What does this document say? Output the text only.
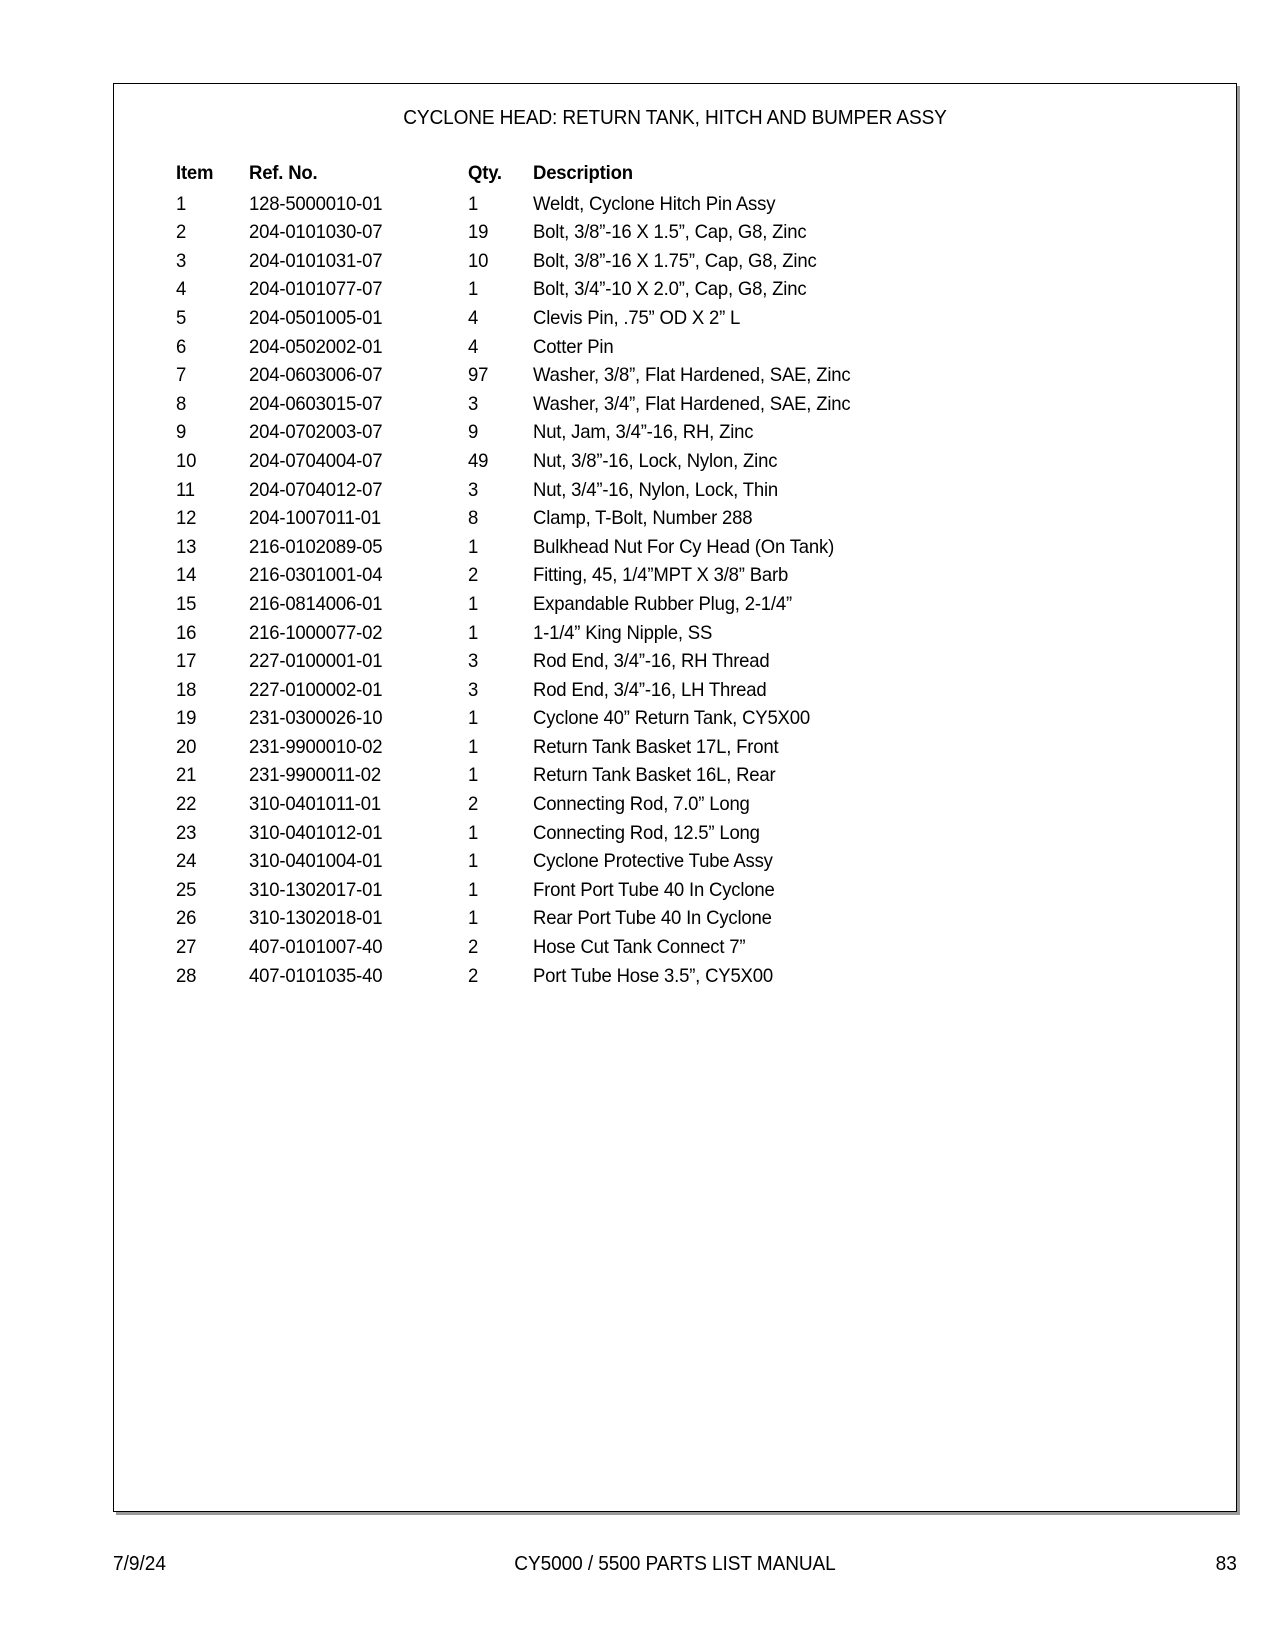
CYCLONE HEAD: RETURN TANK, HITCH AND BUMPER ASSY
Item	Ref. No.	Qty.	Description
1	128-5000010-01	1	Weldt, Cyclone Hitch Pin Assy
2	204-0101030-07	19	Bolt, 3/8”-16 X 1.5”, Cap, G8, Zinc
3	204-0101031-07	10	Bolt, 3/8”-16 X 1.75”, Cap, G8, Zinc
4	204-0101077-07	1	Bolt, 3/4”-10 X 2.0”, Cap, G8, Zinc
5	204-0501005-01	4	Clevis Pin, .75” OD X 2” L
6	204-0502002-01	4	Cotter Pin
7	204-0603006-07	97	Washer, 3/8”, Flat Hardened, SAE, Zinc
8	204-0603015-07	3	Washer, 3/4”, Flat Hardened, SAE, Zinc
9	204-0702003-07	9	Nut, Jam, 3/4”-16, RH, Zinc
10	204-0704004-07	49	Nut, 3/8”-16, Lock, Nylon, Zinc
11	204-0704012-07	3	Nut, 3/4”-16, Nylon, Lock, Thin
12	204-1007011-01	8	Clamp, T-Bolt, Number 288
13	216-0102089-05	1	Bulkhead Nut For Cy Head (On Tank)
14	216-0301001-04	2	Fitting, 45, 1/4”MPT X 3/8” Barb
15	216-0814006-01	1	Expandable Rubber Plug, 2-1/4”
16	216-1000077-02	1	1-1/4” King Nipple, SS
17	227-0100001-01	3	Rod End, 3/4”-16, RH Thread
18	227-0100002-01	3	Rod End, 3/4”-16, LH Thread
19	231-0300026-10	1	Cyclone 40” Return Tank, CY5X00
20	231-9900010-02	1	Return Tank Basket 17L, Front
21	231-9900011-02	1	Return Tank Basket 16L, Rear
22	310-0401011-01	2	Connecting Rod, 7.0” Long
23	310-0401012-01	1	Connecting Rod, 12.5” Long
24	310-0401004-01	1	Cyclone Protective Tube Assy
25	310-1302017-01	1	Front Port Tube 40 In Cyclone
26	310-1302018-01	1	Rear Port Tube 40 In Cyclone
27	407-0101007-40	2	Hose Cut Tank Connect 7”
28	407-0101035-40	2	Port Tube Hose 3.5”, CY5X00
7/9/24	CY5000 / 5500 PARTS LIST MANUAL	83
